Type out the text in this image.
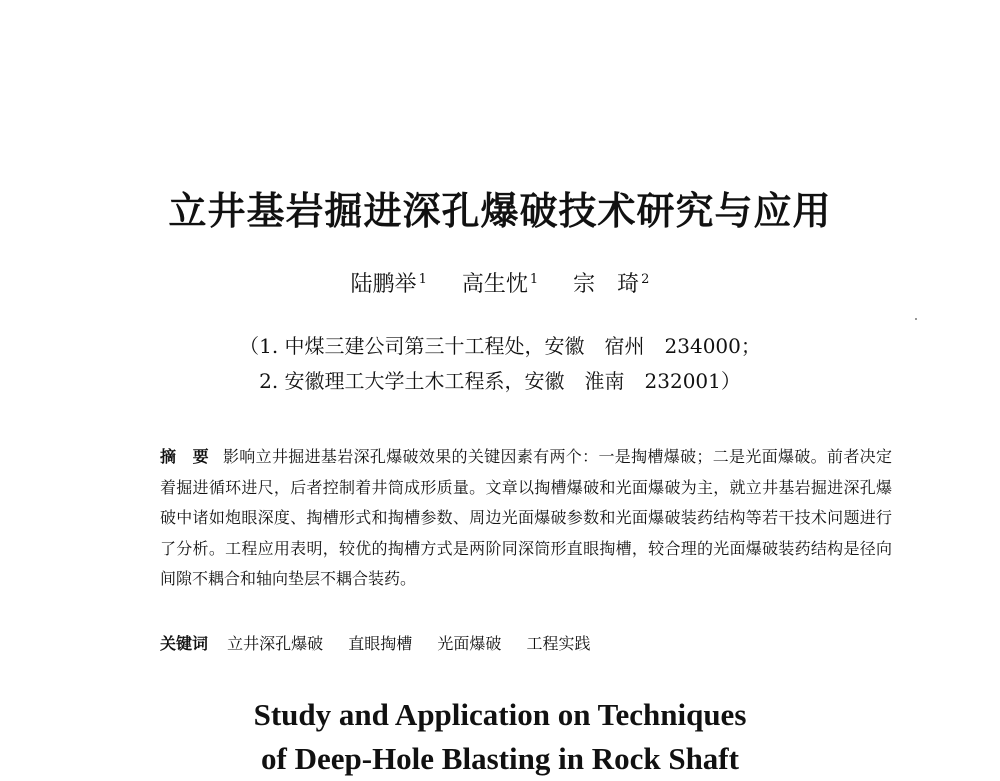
立井基岩掘进深孔爆破技术研究与应用
陆鹏举 $^1$ 高生忱 $^1$ 宗　琦 $^2$
（1. 中煤三建公司第三十工程处，安徽　宿州　234000；
2. 安徽理工大学土木工程系，安徽　淮南　232001）
摘　要 影响立井掘进基岩深孔爆破效果的关键因素有两个：一是掏槽爆破；二是光面爆破。前者决定着掘进循环进尺，后者控制着井筒成形质量。文章以掏槽爆破和光面爆破为主，就立井基岩掘进深孔爆破中诸如炮眼深度、掏槽形式和掏槽参数、周边光面爆破参数和光面爆破装药结构等若干技术问题进行了分析。工程应用表明，较优的掏槽方式是两阶同深筒形直眼掏槽，较合理的光面爆破装药结构是径向间隙不耦合和轴向垫层不耦合装药。
关键词 立井深孔爆破 直眼掏槽 光面爆破 工程实践
Study and Application on Techniques
of Deep-Hole Blasting in Rock Shaft
